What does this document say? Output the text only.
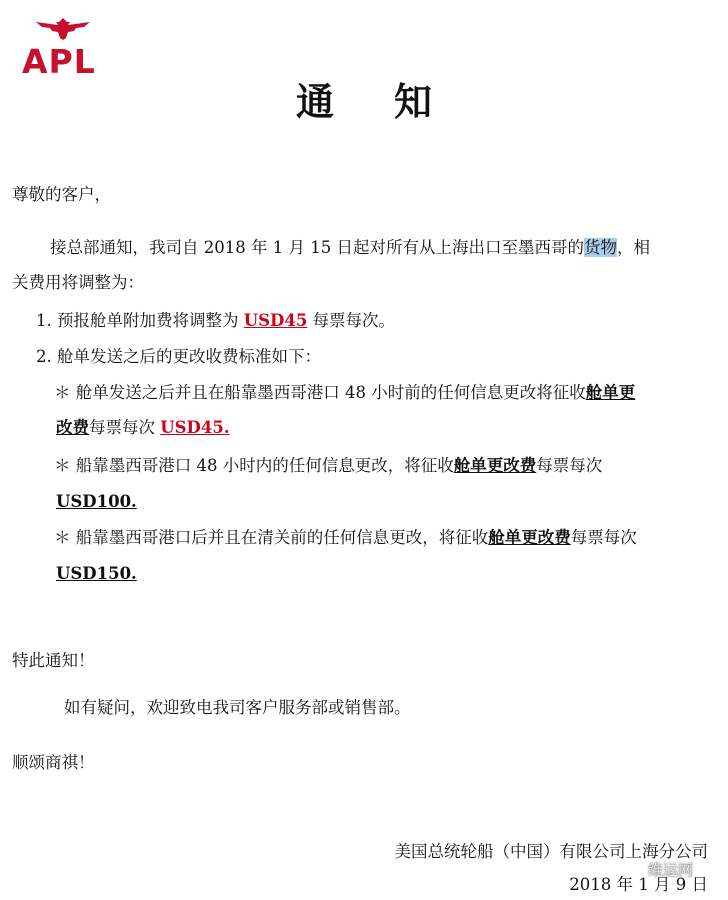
APL
通知
尊敬的客户，
接总部通知，我司自 2018 年 1 月 15 日起对所有从上海出口至墨西哥的货物，相
关费用将调整为：
1. 预报舱单附加费将调整为 USD45 每票每次。
2. 舱单发送之后的更改收费标准如下：
＊ 舱单发送之后并且在船靠墨西哥港口 48 小时前的任何信息更改将征收舱单更
改费每票每次 USD45.
＊ 船靠墨西哥港口 48 小时内的任何信息更改，将征收舱单更改费每票每次
USD100.
＊ 船靠墨西哥港口后并且在清关前的任何信息更改，将征收舱单更改费每票每次
USD150.
特此通知！
如有疑问，欢迎致电我司客户服务部或销售部。
顺颂商祺！
美国总统轮船（中国）有限公司上海分公司
2018 年 1 月 9 日
维运网
